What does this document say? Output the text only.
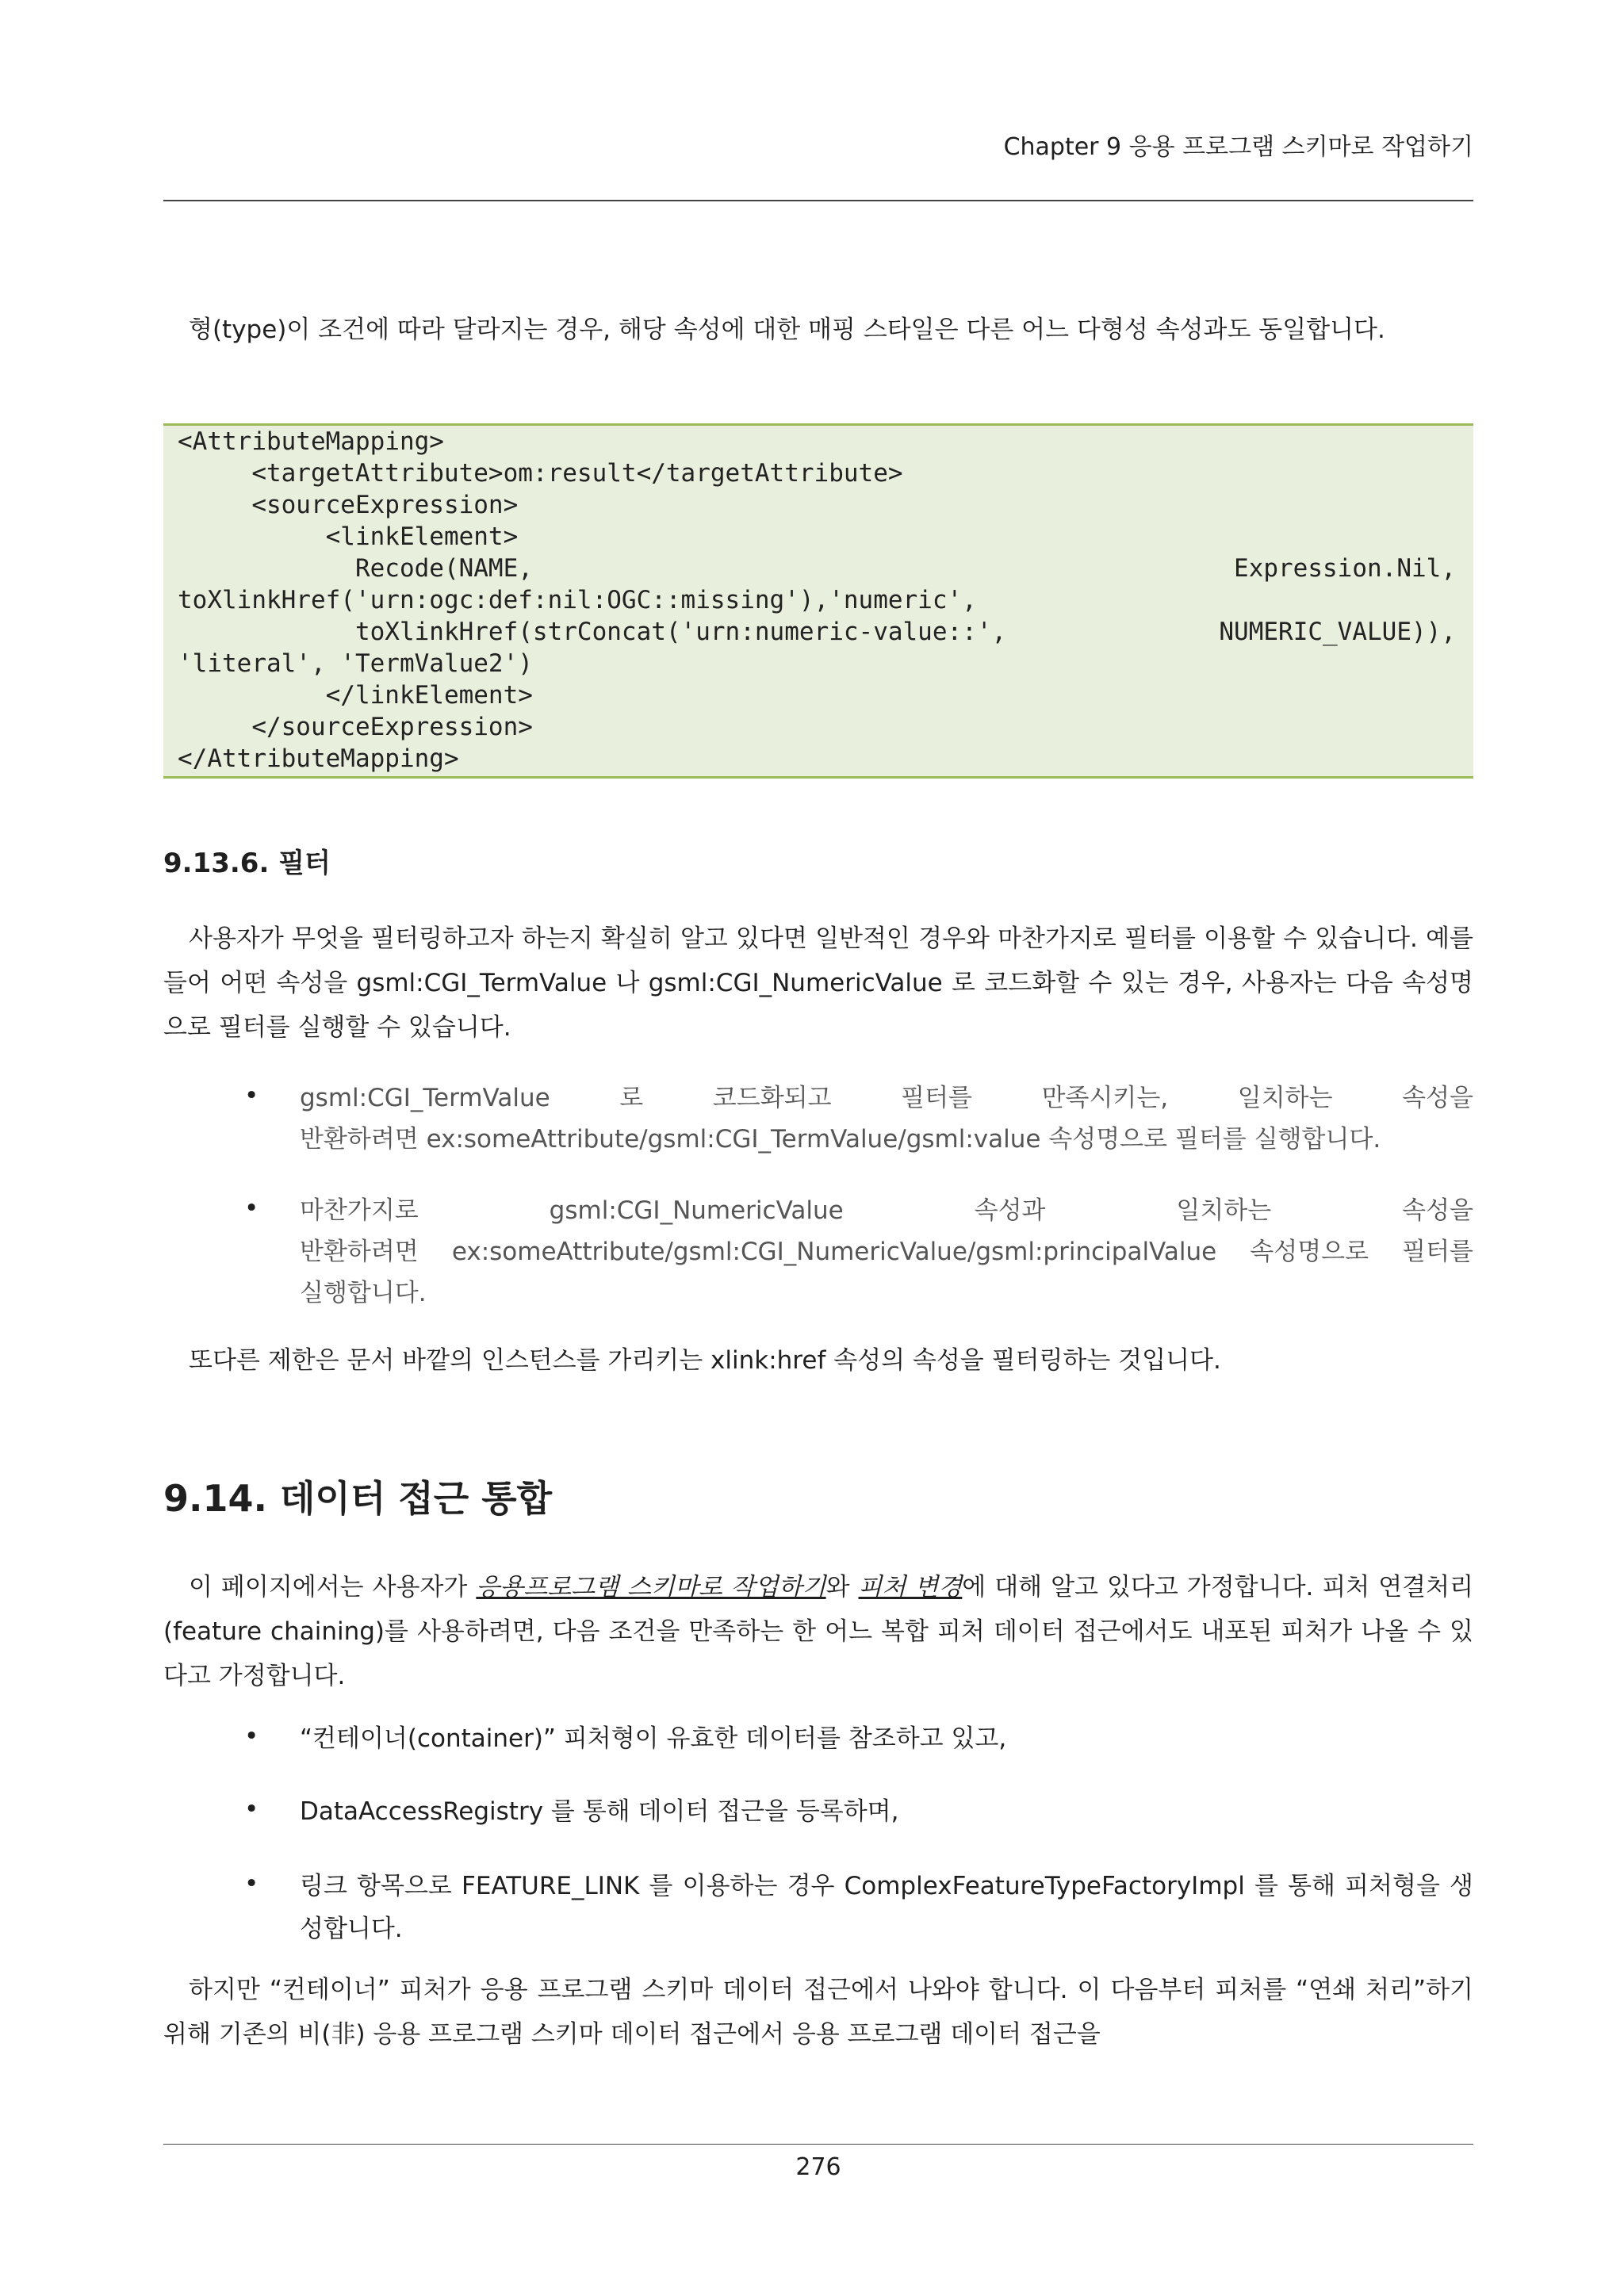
Chapter 9 응용 프로그램 스키마로 작업하기
형(type)이 조건에 따라 달라지는 경우, 해당 속성에 대한 매핑 스타일은 다른 어느 다형성 속성과도 동일합니다.
<AttributeMapping>
<targetAttribute>om:result</targetAttribute>
<sourceExpression>
<linkElement>
Recode(NAME,	Expression.Nil,
toXlinkHref('urn:ogc:def:nil:OGC::missing'),'numeric',
toXlinkHref(strConcat('urn:numeric-value::',	NUMERIC_VALUE)),
'literal', 'TermValue2')
</linkElement>
</sourceExpression>
</AttributeMapping>
9.13.6. 필터
사용자가 무엇을 필터링하고자 하는지 확실히 알고 있다면 일반적인 경우와 마찬가지로 필터를 이용할 수 있습니다. 예를 들어 어떤 속성을 gsml:CGI_TermValue 나 gsml:CGI_NumericValue 로 코드화할 수 있는 경우, 사용자는 다음 속성명으로 필터를 실행할 수 있습니다.
• gsml:CGI_TermValue 로 코드화되고 필터를 만족시키는, 일치하는 속성을
반환하려면 ex:someAttribute/gsml:CGI_TermValue/gsml:value 속성명으로 필터를 실행합니다.
• 마찬가지로 gsml:CGI_NumericValue 속성과 일치하는 속성을
반환하려면 ex:someAttribute/gsml:CGI_NumericValue/gsml:principalValue 속성명으로 필터를
실행합니다.
또다른 제한은 문서 바깥의 인스턴스를 가리키는 xlink:href 속성의 속성을 필터링하는 것입니다.
9.14. 데이터 접근 통합
이 페이지에서는 사용자가 응용프로그램 스키마로 작업하기와 피처 변경에 대해 알고 있다고 가정합니다. 피처 연결처리(feature chaining)를 사용하려면, 다음 조건을 만족하는 한 어느 복합 피처 데이터 접근에서도 내포된 피처가 나올 수 있다고 가정합니다.
• “컨테이너(container)” 피처형이 유효한 데이터를 참조하고 있고,
• DataAccessRegistry 를 통해 데이터 접근을 등록하며,
• 링크 항목으로 FEATURE_LINK 를 이용하는 경우 ComplexFeatureTypeFactoryImpl 를 통해 피처형을 생성합니다.
하지만 “컨테이너” 피처가 응용 프로그램 스키마 데이터 접근에서 나와야 합니다. 이 다음부터 피처를 “연쇄 처리”하기 위해 기존의 비(非) 응용 프로그램 스키마 데이터 접근에서 응용 프로그램 데이터 접근을
276
